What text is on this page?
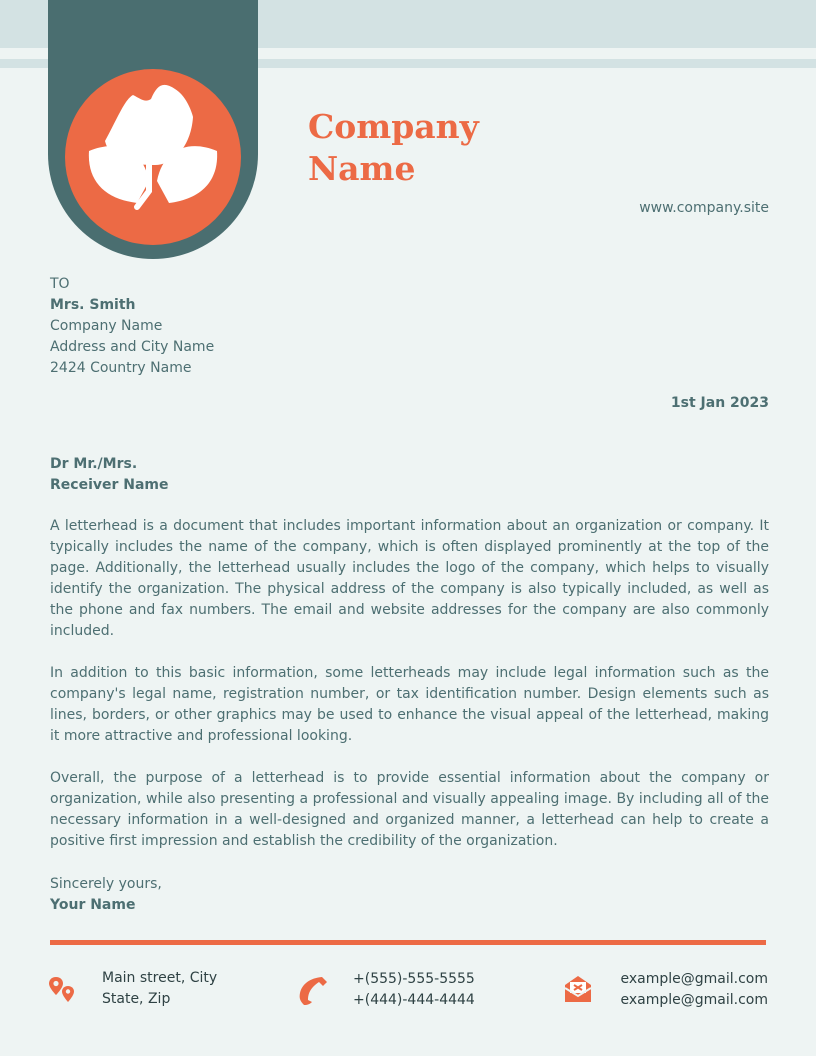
Company
Name
www.company.site
TO
Mrs. Smith
Company Name
Address and City Name
2424 Country Name
1st Jan 2023
Dr Mr./Mrs.
Receiver Name

A letterhead is a document that includes important information about an organization or company. It typically includes the name of the company, which is often displayed prominently at the top of the page. Additionally, the letterhead usually includes the logo of the company, which helps to visually identify the organization. The physical address of the company is also typically included, as well as the phone and fax numbers. The email and website addresses for the company are also commonly included.

In addition to this basic information, some letterheads may include legal information such as the company's legal name, registration number, or tax identification number. Design elements such as lines, borders, or other graphics may be used to enhance the visual appeal of the letterhead, making it more attractive and professional looking.

Overall, the purpose of a letterhead is to provide essential information about the company or organization, while also presenting a professional and visually appealing image. By including all of the necessary information in a well-designed and organized manner, a letterhead can help to create a positive first impression and establish the credibility of the organization.

Sincerely yours,
Your Name
Main street, City
State, Zip
+(555)-555-5555
+(444)-444-4444
example@gmail.com
example@gmail.com
